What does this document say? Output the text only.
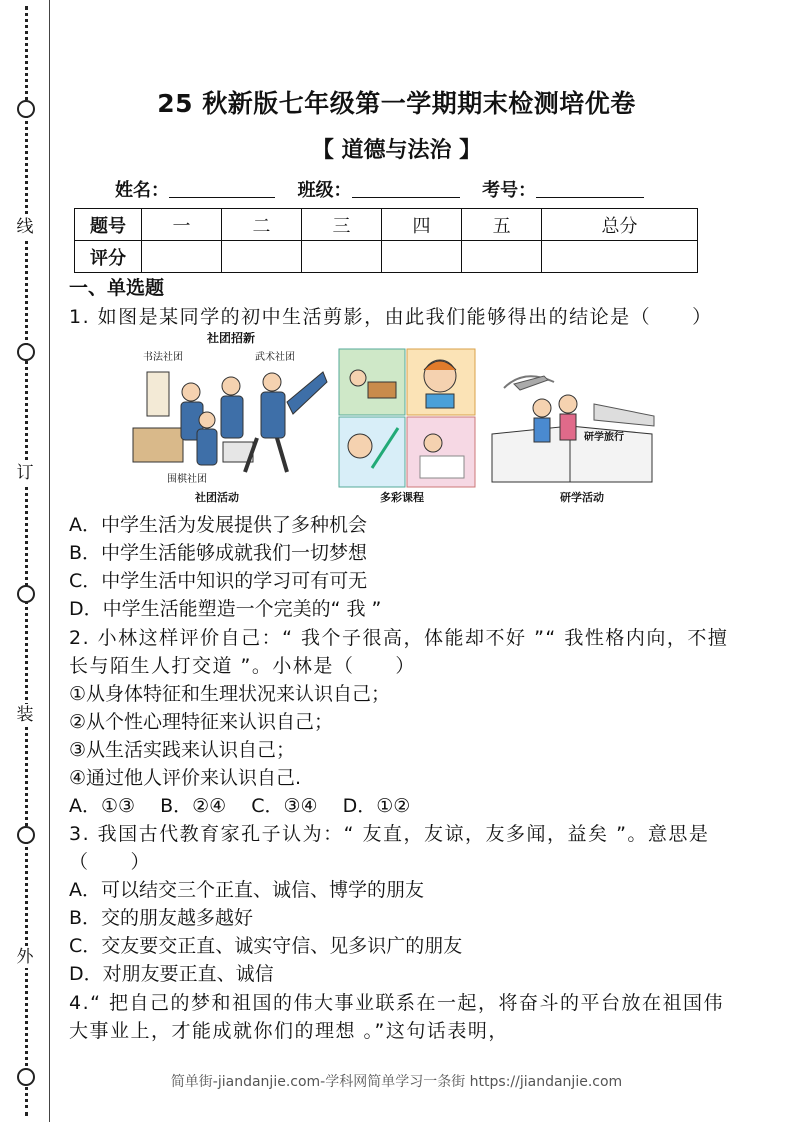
线
订
装
外
25 秋新版七年级第一学期期末检测培优卷
【 道德与法治 】
姓名：	班级：	考号：
题号	一	二	三	四	五	总分
评分						
一、单选题
1. 如图是某同学的初中生活剪影，由此我们能够得出的结论是（　　）
社团招新
书法社团	武术社团
围棋社团
社团活动	多彩课程
研学旅行
研学活动
A．中学生活为发展提供了多种机会
B．中学生活能够成就我们一切梦想
C．中学生活中知识的学习可有可无
D．中学生活能塑造一个完美的“ 我 ”
2. 小林这样评价自己：“ 我个子很高，体能却不好 ”“ 我性格内向，不擅长与陌生人打交道 ”。小林是（　　）
①从身体特征和生理状况来认识自己；
②从个性心理特征来认识自己；
③从生活实践来认识自己；
④通过他人评价来认识自己.
A．①③　 B．②④　 C．③④　 D．①②
3. 我国古代教育家孔子认为：“ 友直，友谅，友多闻，益矣 ”。意思是（　　）
A．可以结交三个正直、诚信、博学的朋友
B．交的朋友越多越好
C．交友要交正直、诚实守信、见多识广的朋友
D．对朋友要正直、诚信
4.“ 把自己的梦和祖国的伟大事业联系在一起，将奋斗的平台放在祖国伟大事业上，才能成就你们的理想 。”这句话表明，
简单街-jiandanjie.com-学科网简单学习一条街 https://jiandanjie.com
